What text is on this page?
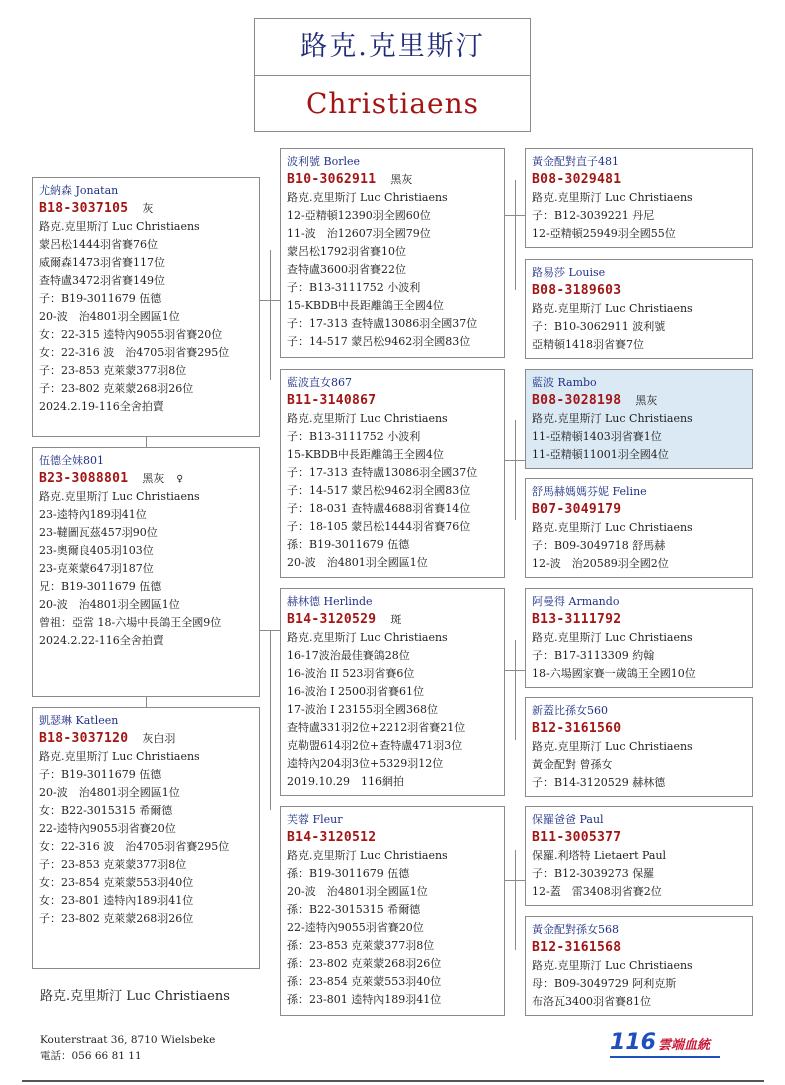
路克.克里斯汀
Christiaens
尤納森 Jonatan
B18-3037105 灰
路克.克里斯汀 Luc Christiaens
蒙呂松1444羽省賽76位
威爾森1473羽省賽117位
查特盧3472羽省賽149位
子：B19-3011679 伍德
20-波　治4801羽全國區1位
女：22-315 逵特內9055羽省賽20位
女：22-316 波　治4705羽省賽295位
子：23-853 克萊蒙377羽8位
子：23-802 克萊蒙268羽26位
2024.2.19-116全舍拍賣
伍德全妹801
B23-3088801 黑灰 ♀
路克.克里斯汀 Luc Christiaens
23-逵特內189羽41位
23-韃圖瓦茲457羽90位
23-奧爾良405羽103位
23-克萊蒙647羽187位
兄：B19-3011679 伍德
20-波　治4801羽全國區1位
曾祖：亞當 18-六場中長鴿王全國9位
2024.2.22-116全舍拍賣
凱瑟琳 Katleen
B18-3037120 灰白羽
路克.克里斯汀 Luc Christiaens
子：B19-3011679 伍德
20-波　治4801羽全國區1位
女：B22-3015315 希爾德
22-逵特內9055羽省賽20位
女：22-316 波　治4705羽省賽295位
子：23-853 克萊蒙377羽8位
女：23-854 克萊蒙553羽40位
女：23-801 逵特內189羽41位
子：23-802 克萊蒙268羽26位
波利號 Borlee
B10-3062911 黑灰
路克.克里斯汀 Luc Christiaens
12-亞精頓12390羽全國60位
11-波　治12607羽全國79位
蒙呂松1792羽省賽10位
查特盧3600羽省賽22位
子：B13-3111752 小波利
15-KBDB中長距離鴿王全國4位
子：17-313 查特盧13086羽全國37位
子：14-517 蒙呂松9462羽全國83位
藍波直女867
B11-3140867
路克.克里斯汀 Luc Christiaens
子：B13-3111752 小波利
15-KBDB中長距離鴿王全國4位
子：17-313 查特盧13086羽全國37位
子：14-517 蒙呂松9462羽全國83位
子：18-031 查特盧4688羽省賽14位
子：18-105 蒙呂松1444羽省賽76位
孫：B19-3011679 伍德
20-波　治4801羽全國區1位
赫林德 Herlinde
B14-3120529 斑
路克.克里斯汀 Luc Christiaens
16-17波治最佳賽鴿28位
16-波治 II 523羽省賽6位
16-波治 I 2500羽省賽61位
17-波治 I 23155羽全國368位
查特盧331羽2位+2212羽省賽21位
克勒盟614羽2位+查特盧471羽3位
逵特內204羽3位+5329羽12位
2019.10.29　116網拍
芙蓉 Fleur
B14-3120512
路克.克里斯汀 Luc Christiaens
孫：B19-3011679 伍德
20-波　治4801羽全國區1位
孫：B22-3015315 希爾德
22-逵特內9055羽省賽20位
孫：23-853 克萊蒙377羽8位
孫：23-802 克萊蒙268羽26位
孫：23-854 克萊蒙553羽40位
孫：23-801 逵特內189羽41位
黃金配對直子481
B08-3029481
路克.克里斯汀 Luc Christiaens
子：B12-3039221 丹尼
12-亞精頓25949羽全國55位
路易莎 Louise
B08-3189603
路克.克里斯汀 Luc Christiaens
子：B10-3062911 波利號
亞精頓1418羽省賽7位
藍波 Rambo
B08-3028198 黑灰
路克.克里斯汀 Luc Christiaens
11-亞精頓1403羽省賽1位
11-亞精頓11001羽全國4位
舒馬赫媽媽芬妮 Feline
B07-3049179
路克.克里斯汀 Luc Christiaens
子：B09-3049718 舒馬赫
12-波　治20589羽全國2位
阿曼得 Armando
B13-3111792
路克.克里斯汀 Luc Christiaens
子：B17-3113309 約翰
18-六場國家賽一歲鴿王全國10位
新蓋比孫女560
B12-3161560
路克.克里斯汀 Luc Christiaens
黃金配對 曾孫女
子：B14-3120529 赫林德
保羅爸爸 Paul
B11-3005377
保羅.利塔特 Lietaert Paul
子：B12-3039273 保羅
12-蓋　雷3408羽省賽2位
黃金配對孫女568
B12-3161568
路克.克里斯汀 Luc Christiaens
母：B09-3049729 阿利克斯
布洛瓦3400羽省賽81位
路克.克里斯汀 Luc Christiaens
Kouterstraat 36, 8710 Wielsbeke
電話：056 66 81 11
116 雲端血統
